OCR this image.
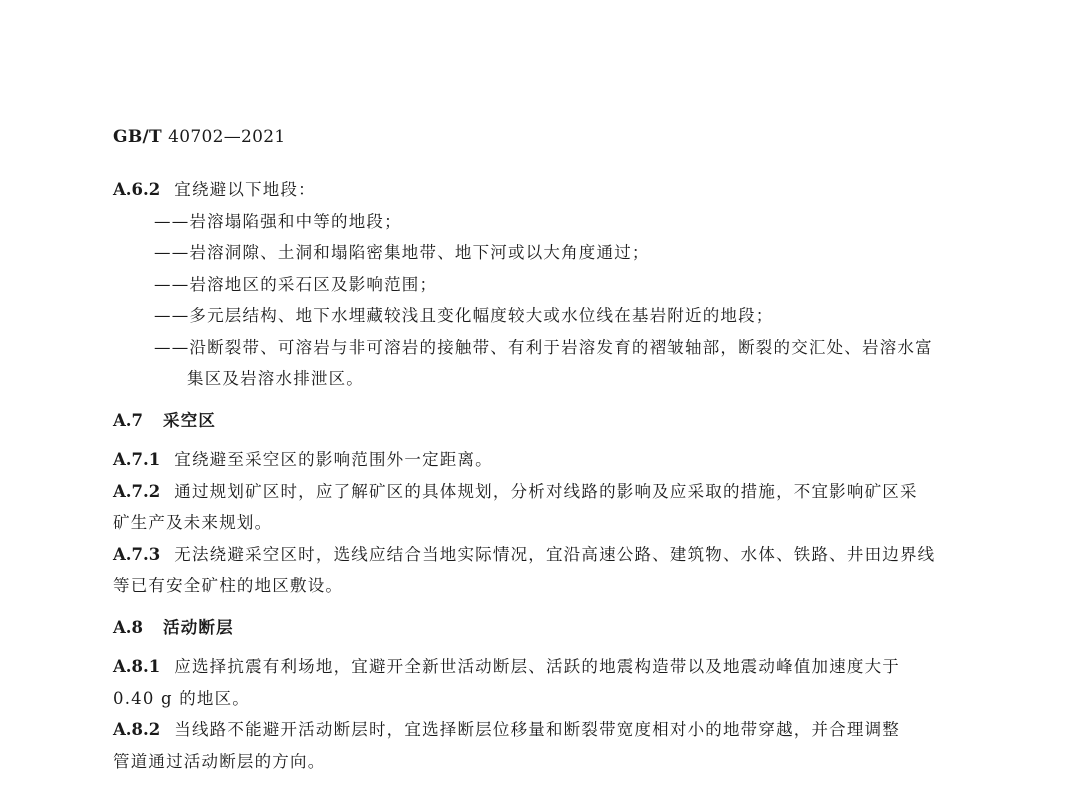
GB/T 40702—2021
A.6.2 宜绕避以下地段：
——岩溶塌陷强和中等的地段；
——岩溶洞隙、土洞和塌陷密集地带、地下河或以大角度通过；
——岩溶地区的采石区及影响范围；
——多元层结构、地下水埋藏较浅且变化幅度较大或水位线在基岩附近的地段；
——沿断裂带、可溶岩与非可溶岩的接触带、有利于岩溶发育的褶皱轴部，断裂的交汇处、岩溶水富
集区及岩溶水排泄区。
A.7 采空区
A.7.1 宜绕避至采空区的影响范围外一定距离。
A.7.2 通过规划矿区时，应了解矿区的具体规划，分析对线路的影响及应采取的措施，不宜影响矿区采
矿生产及未来规划。
A.7.3 无法绕避采空区时，选线应结合当地实际情况，宜沿高速公路、建筑物、水体、铁路、井田边界线
等已有安全矿柱的地区敷设。
A.8 活动断层
A.8.1 应选择抗震有利场地，宜避开全新世活动断层、活跃的地震构造带以及地震动峰值加速度大于
0.40 g 的地区。
A.8.2 当线路不能避开活动断层时，宜选择断层位移量和断裂带宽度相对小的地带穿越，并合理调整
管道通过活动断层的方向。
